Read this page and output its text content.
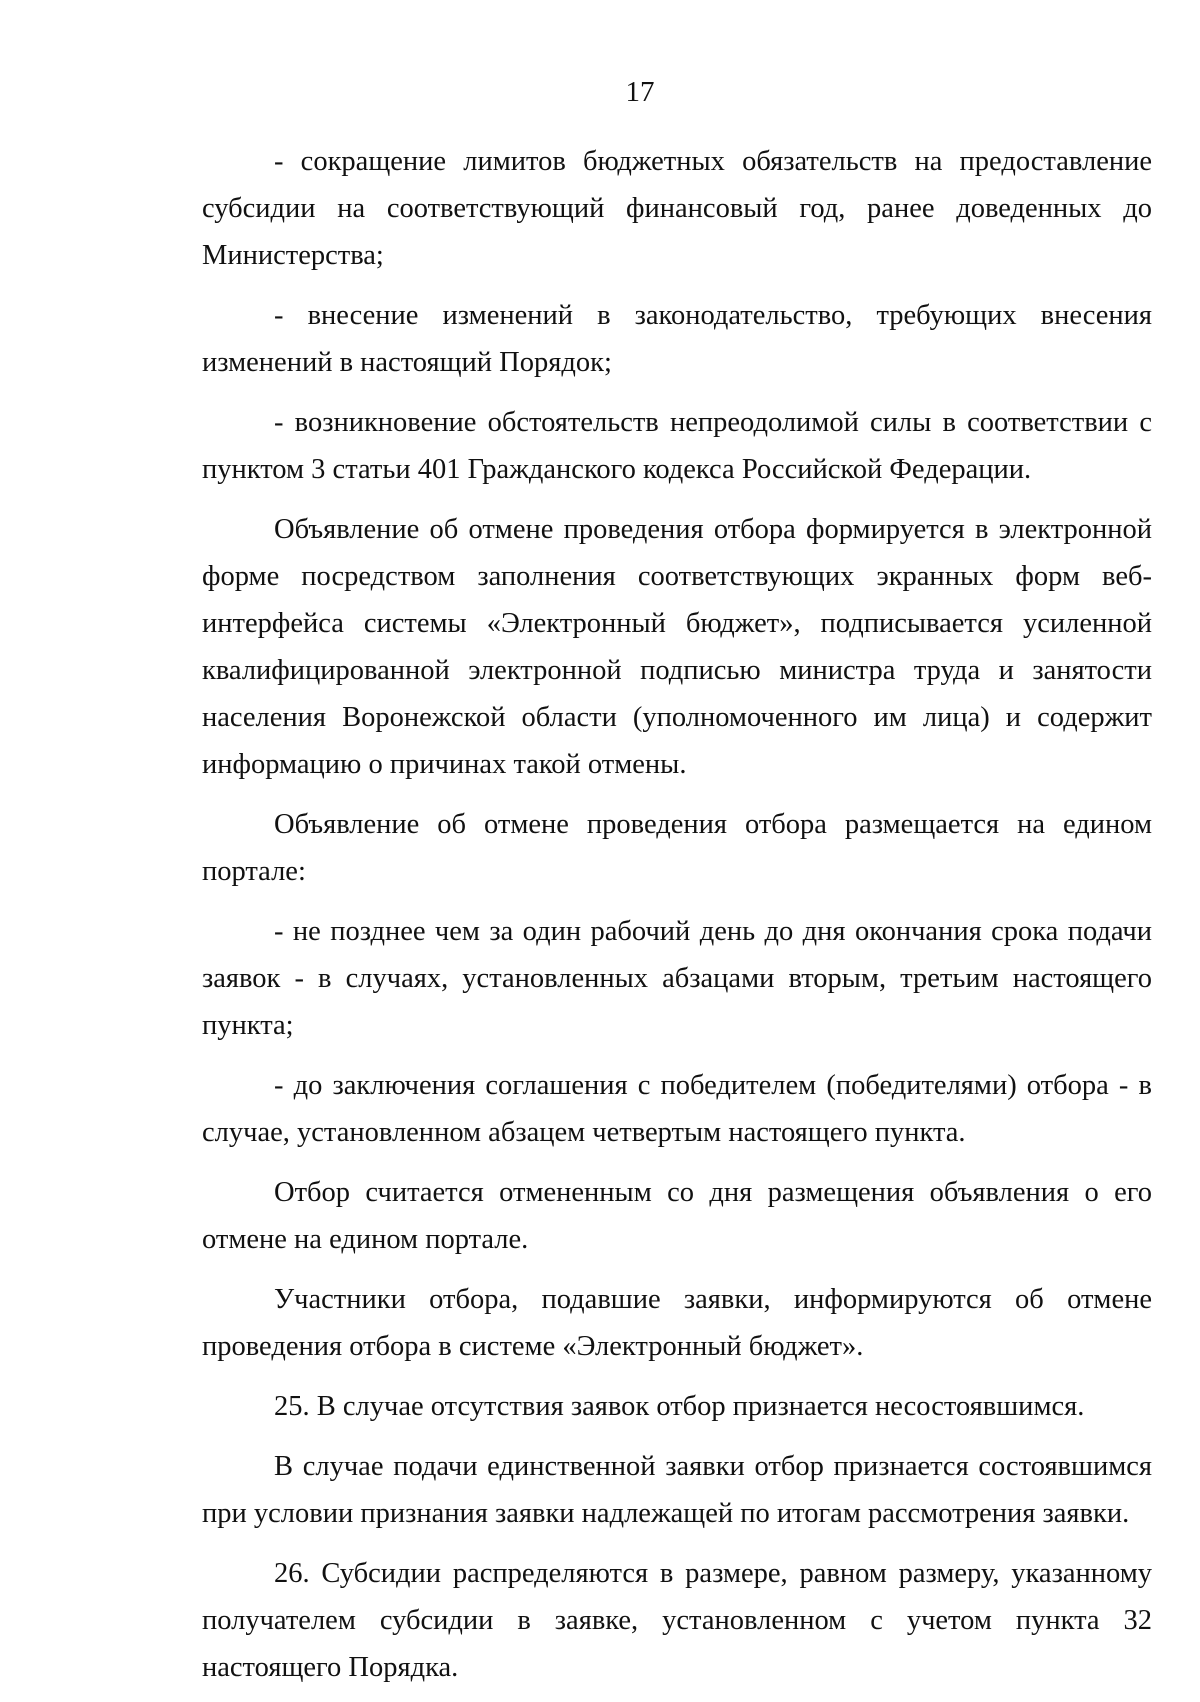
17

- сокращение лимитов бюджетных обязательств на предоставление субсидии на соответствующий финансовый год, ранее доведенных до Министерства;

- внесение изменений в законодательство, требующих внесения изменений в настоящий Порядок;

- возникновение обстоятельств непреодолимой силы в соответствии с пунктом 3 статьи 401 Гражданского кодекса Российской Федерации.

Объявление об отмене проведения отбора формируется в электронной форме посредством заполнения соответствующих экранных форм веб-интерфейса системы «Электронный бюджет», подписывается усиленной квалифицированной электронной подписью министра труда и занятости населения Воронежской области (уполномоченного им лица) и содержит информацию о причинах такой отмены.

Объявление об отмене проведения отбора размещается на едином портале:

- не позднее чем за один рабочий день до дня окончания срока подачи заявок - в случаях, установленных абзацами вторым, третьим настоящего пункта;

- до заключения соглашения с победителем (победителями) отбора - в случае, установленном абзацем четвертым настоящего пункта.

Отбор считается отмененным со дня размещения объявления о его отмене на едином портале.

Участники отбора, подавшие заявки, информируются об отмене проведения отбора в системе «Электронный бюджет».

25. В случае отсутствия заявок отбор признается несостоявшимся.

В случае подачи единственной заявки отбор признается состоявшимся при условии признания заявки надлежащей по итогам рассмотрения заявки.

26. Субсидии распределяются в размере, равном размеру, указанному получателем субсидии в заявке, установленном с учетом пункта 32 настоящего Порядка.
